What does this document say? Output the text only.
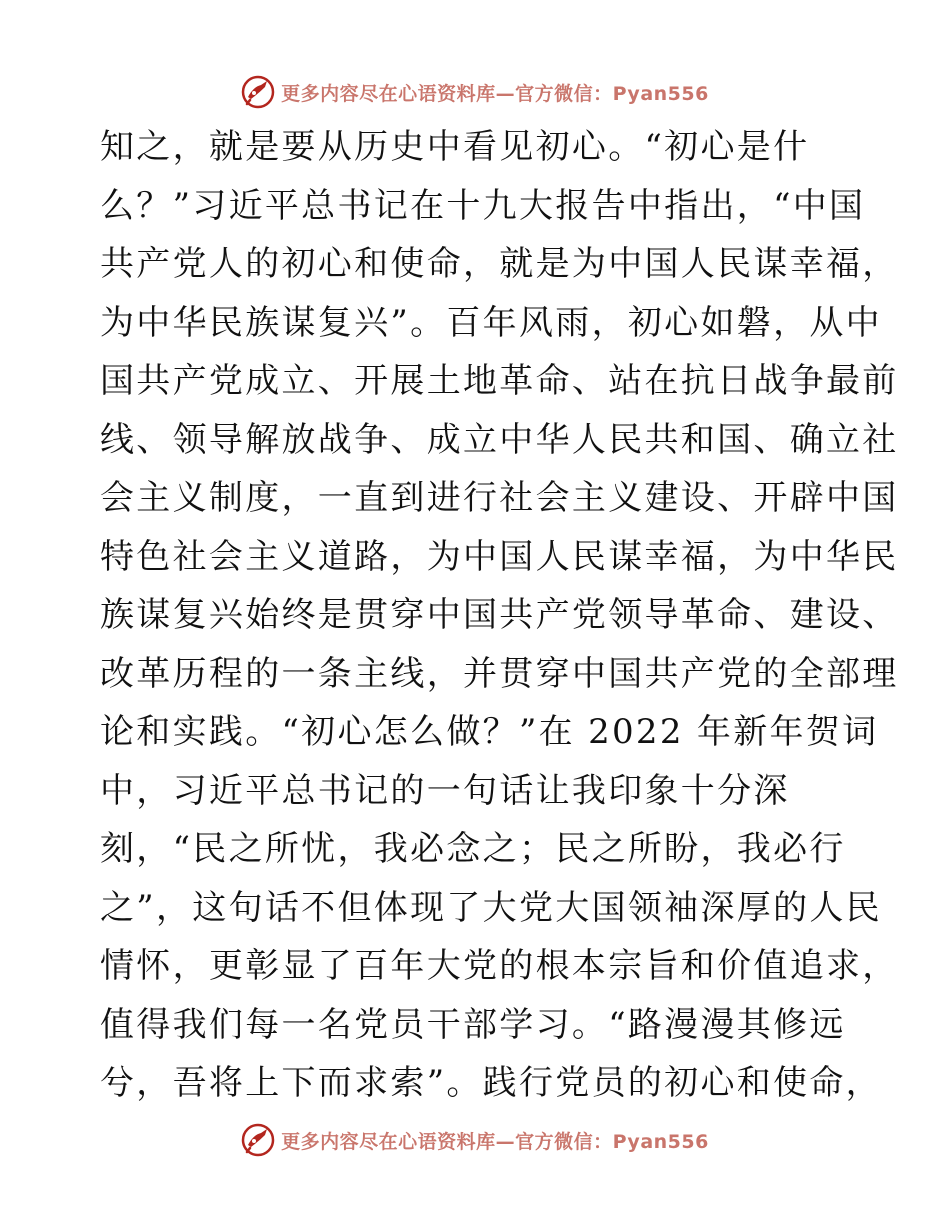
更多内容尽在心语资料库—官方微信：Pyan556
知之，就是要从历史中看见初心。“初心是什
么？”习近平总书记在十九大报告中指出，“中国
共产党人的初心和使命，就是为中国人民谋幸福，
为中华民族谋复兴”。百年风雨，初心如磐，从中
国共产党成立、开展土地革命、站在抗日战争最前
线、领导解放战争、成立中华人民共和国、确立社
会主义制度，一直到进行社会主义建设、开辟中国
特色社会主义道路，为中国人民谋幸福，为中华民
族谋复兴始终是贯穿中国共产党领导革命、建设、
改革历程的一条主线，并贯穿中国共产党的全部理
论和实践。“初心怎么做？”在 2022 年新年贺词
中，习近平总书记的一句话让我印象十分深
刻，“民之所忧，我必念之；民之所盼，我必行
之”，这句话不但体现了大党大国领袖深厚的人民
情怀，更彰显了百年大党的根本宗旨和价值追求，
值得我们每一名党员干部学习。“路漫漫其修远
兮，吾将上下而求索”。践行党员的初心和使命，
更多内容尽在心语资料库—官方微信：Pyan556
